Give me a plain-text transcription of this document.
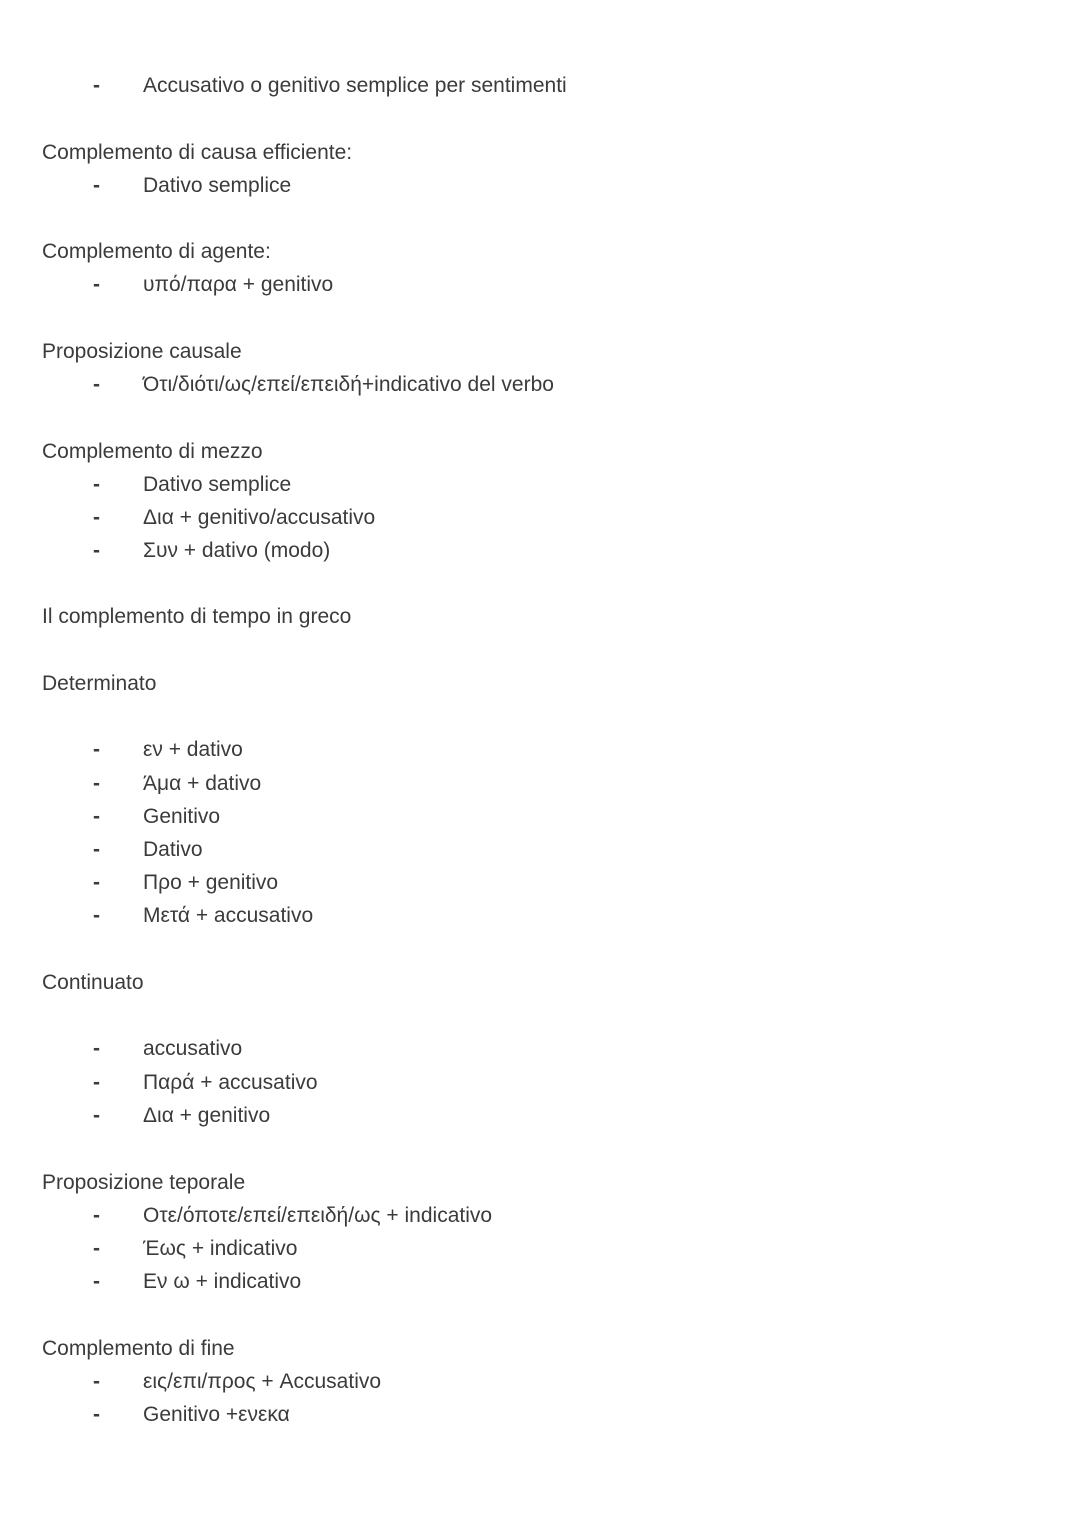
- Accusativo o genitivo semplice per sentimenti
Complemento di causa efficiente:
- Dativo semplice
Complemento di agente:
- υπό/παρα + genitivo
Proposizione causale
- Ότι/διότι/ως/επεί/επειδή+indicativo del verbo
Complemento di mezzo
- Dativo semplice
- Δια + genitivo/accusativo
- Συν + dativo (modo)
Il complemento di tempo in greco
Determinato
- εν + dativo
- Άμα + dativo
- Genitivo
- Dativo
- Προ + genitivo
- Μετά + accusativo
Continuato
- accusativo
- Παρά + accusativo
- Δια + genitivo
Proposizione teporale
- Οτε/όποτε/επεί/επειδή/ως + indicativo
- Έως + indicativo
- Εν ω + indicativo
Complemento di fine
- εις/επι/προς + Accusativo
- Genitivo +ενεκα
